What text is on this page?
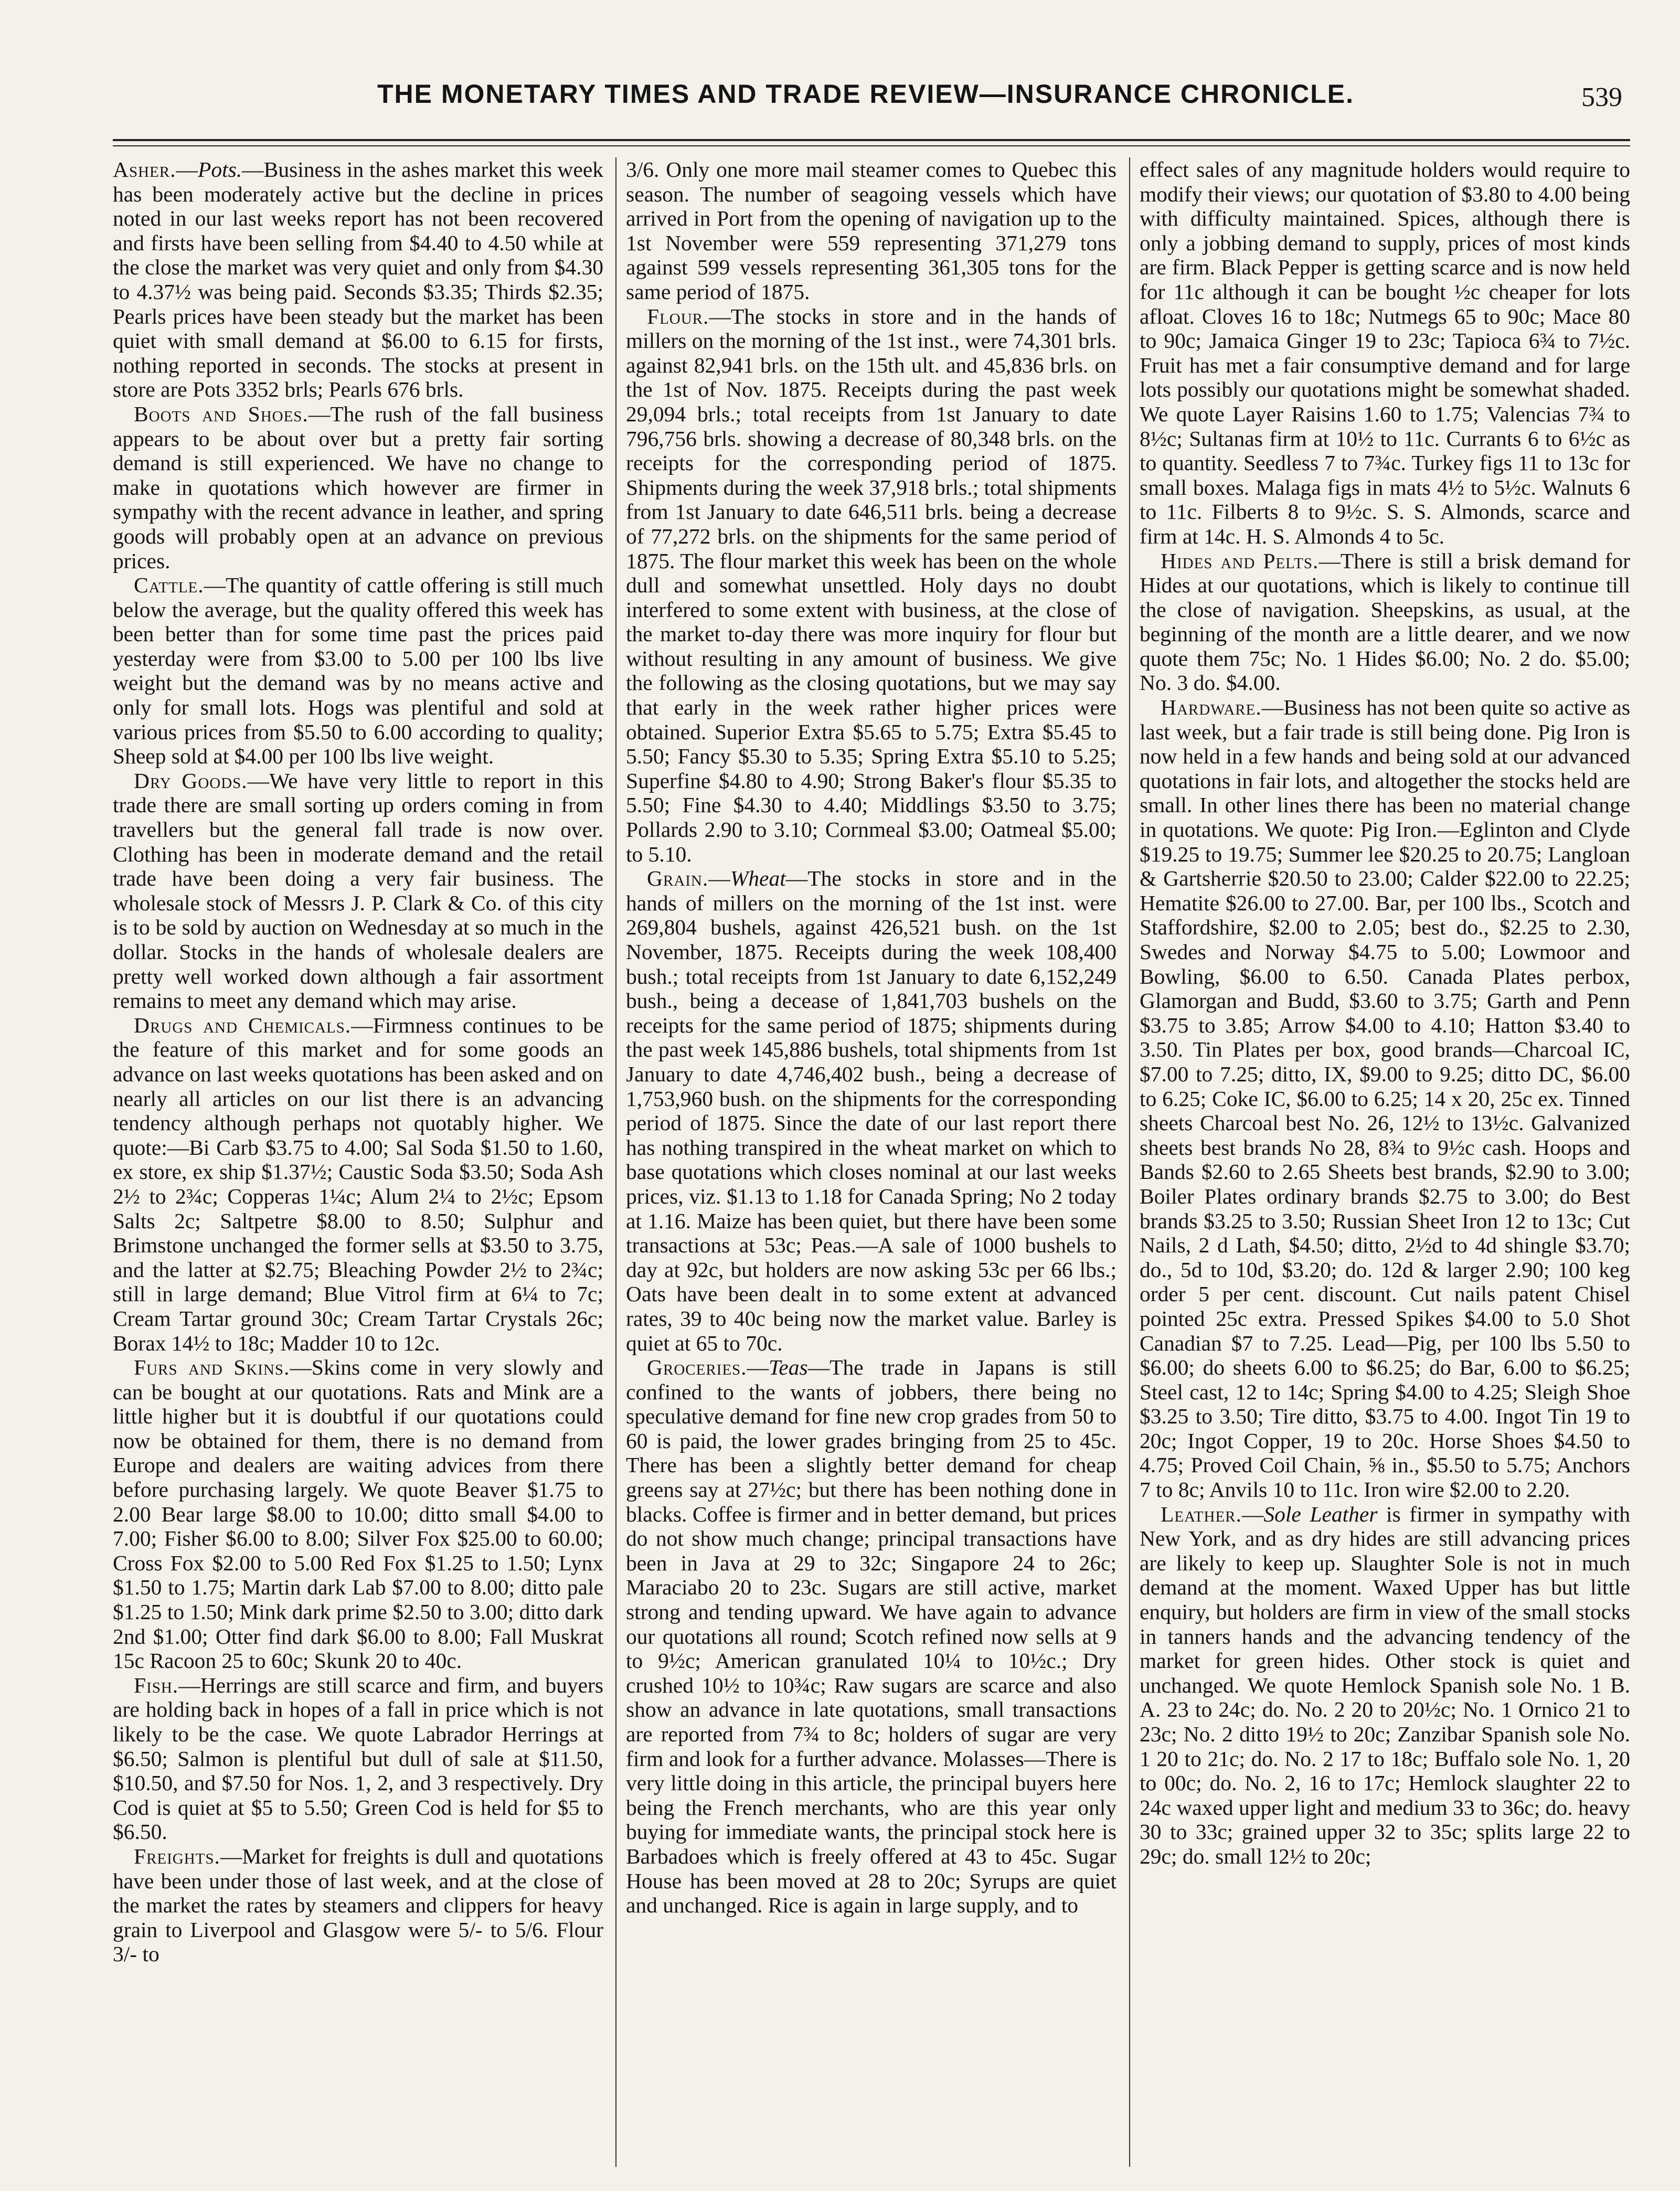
THE MONETARY TIMES AND TRADE REVIEW—INSURANCE CHRONICLE.	539

Asher.—Pots.—Business in the ashes market this week has been moderately active but the decline in prices noted in our last weeks report has not been recovered and firsts have been selling from $4.40 to 4.50 while at the close the market was very quiet and only from $4.30 to 4.37½ was being paid. Seconds $3.35; Thirds $2.35; Pearls prices have been steady but the market has been quiet with small demand at $6.00 to 6.15 for firsts, nothing reported in seconds. The stocks at present in store are Pots 3352 brls; Pearls 676 brls.

Boots and Shoes.—The rush of the fall business appears to be about over but a pretty fair sorting demand is still experienced. We have no change to make in quotations which however are firmer in sympathy with the recent advance in leather, and spring goods will probably open at an advance on previous prices.

Cattle.—The quantity of cattle offering is still much below the average, but the quality offered this week has been better than for some time past the prices paid yesterday were from $3.00 to 5.00 per 100 lbs live weight but the demand was by no means active and only for small lots. Hogs was plentiful and sold at various prices from $5.50 to 6.00 according to quality; Sheep sold at $4.00 per 100 lbs live weight.

Dry Goods.—We have very little to report in this trade there are small sorting up orders coming in from travellers but the general fall trade is now over. Clothing has been in moderate demand and the retail trade have been doing a very fair business. The wholesale stock of Messrs J. P. Clark & Co. of this city is to be sold by auction on Wednesday at so much in the dollar. Stocks in the hands of wholesale dealers are pretty well worked down although a fair assortment remains to meet any demand which may arise.

Drugs and Chemicals.—Firmness continues to be the feature of this market and for some goods an advance on last weeks quotations has been asked and on nearly all articles on our list there is an advancing tendency although perhaps not quotably higher. We quote:—Bi Carb $3.75 to 4.00; Sal Soda $1.50 to 1.60, ex store, ex ship $1.37½; Caustic Soda $3.50; Soda Ash 2½ to 2¾c; Copperas 1¼c; Alum 2¼ to 2½c; Epsom Salts 2c; Saltpetre $8.00 to 8.50; Sulphur and Brimstone unchanged the former sells at $3.50 to 3.75, and the latter at $2.75; Bleaching Powder 2½ to 2¾c; still in large demand; Blue Vitrol firm at 6¼ to 7c; Cream Tartar ground 30c; Cream Tartar Crystals 26c; Borax 14½ to 18c; Madder 10 to 12c.

Furs and Skins.—Skins come in very slowly and can be bought at our quotations. Rats and Mink are a little higher but it is doubtful if our quotations could now be obtained for them, there is no demand from Europe and dealers are waiting advices from there before purchasing largely. We quote Beaver $1.75 to 2.00 Bear large $8.00 to 10.00; ditto small $4.00 to 7.00; Fisher $6.00 to 8.00; Silver Fox $25.00 to 60.00; Cross Fox $2.00 to 5.00 Red Fox $1.25 to 1.50; Lynx $1.50 to 1.75; Martin dark Lab $7.00 to 8.00; ditto pale $1.25 to 1.50; Mink dark prime $2.50 to 3.00; ditto dark 2nd $1.00; Otter find dark $6.00 to 8.00; Fall Muskrat 15c Racoon 25 to 60c; Skunk 20 to 40c.

Fish.—Herrings are still scarce and firm, and buyers are holding back in hopes of a fall in price which is not likely to be the case. We quote Labrador Herrings at $6.50; Salmon is plentiful but dull of sale at $11.50, $10.50, and $7.50 for Nos. 1, 2, and 3 respectively. Dry Cod is quiet at $5 to 5.50; Green Cod is held for $5 to $6.50.

Freights.—Market for freights is dull and quotations have been under those of last week, and at the close of the market the rates by steamers and clippers for heavy grain to Liverpool and Glasgow were 5/- to 5/6. Flour 3/- to

3/6. Only one more mail steamer comes to Quebec this season. The number of seagoing vessels which have arrived in Port from the opening of navigation up to the 1st November were 559 representing 371,279 tons against 599 vessels representing 361,305 tons for the same period of 1875.

Flour.—The stocks in store and in the hands of millers on the morning of the 1st inst., were 74,301 brls. against 82,941 brls. on the 15th ult. and 45,836 brls. on the 1st of Nov. 1875. Receipts during the past week 29,094 brls.; total receipts from 1st January to date 796,756 brls. showing a decrease of 80,348 brls. on the receipts for the corresponding period of 1875. Shipments during the week 37,918 brls.; total shipments from 1st January to date 646,511 brls. being a decrease of 77,272 brls. on the shipments for the same period of 1875. The flour market this week has been on the whole dull and somewhat unsettled. Holy days no doubt interfered to some extent with business, at the close of the market to-day there was more inquiry for flour but without resulting in any amount of business. We give the following as the closing quotations, but we may say that early in the week rather higher prices were obtained. Superior Extra $5.65 to 5.75; Extra $5.45 to 5.50; Fancy $5.30 to 5.35; Spring Extra $5.10 to 5.25; Superfine $4.80 to 4.90; Strong Baker's flour $5.35 to 5.50; Fine $4.30 to 4.40; Middlings $3.50 to 3.75; Pollards 2.90 to 3.10; Cornmeal $3.00; Oatmeal $5.00; to 5.10.

Grain.—Wheat—The stocks in store and in the hands of millers on the morning of the 1st inst. were 269,804 bushels, against 426,521 bush. on the 1st November, 1875. Receipts during the week 108,400 bush.; total receipts from 1st January to date 6,152,249 bush., being a decease of 1,841,703 bushels on the receipts for the same period of 1875; shipments during the past week 145,886 bushels, total shipments from 1st January to date 4,746,402 bush., being a decrease of 1,753,960 bush. on the shipments for the corresponding period of 1875. Since the date of our last report there has nothing transpired in the wheat market on which to base quotations which closes nominal at our last weeks prices, viz. $1.13 to 1.18 for Canada Spring; No 2 today at 1.16. Maize has been quiet, but there have been some transactions at 53c; Peas.—A sale of 1000 bushels to day at 92c, but holders are now asking 53c per 66 lbs.; Oats have been dealt in to some extent at advanced rates, 39 to 40c being now the market value. Barley is quiet at 65 to 70c.

Groceries.—Teas—The trade in Japans is still confined to the wants of jobbers, there being no speculative demand for fine new crop grades from 50 to 60 is paid, the lower grades bringing from 25 to 45c. There has been a slightly better demand for cheap greens say at 27½c; but there has been nothing done in blacks. Coffee is firmer and in better demand, but prices do not show much change; principal transactions have been in Java at 29 to 32c; Singapore 24 to 26c; Maraciabo 20 to 23c. Sugars are still active, market strong and tending upward. We have again to advance our quotations all round; Scotch refined now sells at 9 to 9½c; American granulated 10¼ to 10½c.; Dry crushed 10½ to 10¾c; Raw sugars are scarce and also show an advance in late quotations, small transactions are reported from 7¾ to 8c; holders of sugar are very firm and look for a further advance. Molasses—There is very little doing in this article, the principal buyers here being the French merchants, who are this year only buying for immediate wants, the principal stock here is Barbadoes which is freely offered at 43 to 45c. Sugar House has been moved at 28 to 20c; Syrups are quiet and unchanged. Rice is again in large supply, and to

effect sales of any magnitude holders would require to modify their views; our quotation of $3.80 to 4.00 being with difficulty maintained. Spices, although there is only a jobbing demand to supply, prices of most kinds are firm. Black Pepper is getting scarce and is now held for 11c although it can be bought ½c cheaper for lots afloat. Cloves 16 to 18c; Nutmegs 65 to 90c; Mace 80 to 90c; Jamaica Ginger 19 to 23c; Tapioca 6¾ to 7½c. Fruit has met a fair consumptive demand and for large lots possibly our quotations might be somewhat shaded. We quote Layer Raisins 1.60 to 1.75; Valencias 7¾ to 8½c; Sultanas firm at 10½ to 11c. Currants 6 to 6½c as to quantity. Seedless 7 to 7¾c. Turkey figs 11 to 13c for small boxes. Malaga figs in mats 4½ to 5½c. Walnuts 6 to 11c. Filberts 8 to 9½c. S. S. Almonds, scarce and firm at 14c. H. S. Almonds 4 to 5c.

Hides and Pelts.—There is still a brisk demand for Hides at our quotations, which is likely to continue till the close of navigation. Sheepskins, as usual, at the beginning of the month are a little dearer, and we now quote them 75c; No. 1 Hides $6.00; No. 2 do. $5.00; No. 3 do. $4.00.

Hardware.—Business has not been quite so active as last week, but a fair trade is still being done. Pig Iron is now held in a few hands and being sold at our advanced quotations in fair lots, and altogether the stocks held are small. In other lines there has been no material change in quotations. We quote: Pig Iron.—Eglinton and Clyde $19.25 to 19.75; Summer lee $20.25 to 20.75; Langloan & Gartsherrie $20.50 to 23.00; Calder $22.00 to 22.25; Hematite $26.00 to 27.00. Bar, per 100 lbs., Scotch and Staffordshire, $2.00 to 2.05; best do., $2.25 to 2.30, Swedes and Norway $4.75 to 5.00; Lowmoor and Bowling, $6.00 to 6.50. Canada Plates perbox, Glamorgan and Budd, $3.60 to 3.75; Garth and Penn $3.75 to 3.85; Arrow $4.00 to 4.10; Hatton $3.40 to 3.50. Tin Plates per box, good brands—Charcoal IC, $7.00 to 7.25; ditto, IX, $9.00 to 9.25; ditto DC, $6.00 to 6.25; Coke IC, $6.00 to 6.25; 14 x 20, 25c ex. Tinned sheets Charcoal best No. 26, 12½ to 13½c. Galvanized sheets best brands No 28, 8¾ to 9½c cash. Hoops and Bands $2.60 to 2.65 Sheets best brands, $2.90 to 3.00; Boiler Plates ordinary brands $2.75 to 3.00; do Best brands $3.25 to 3.50; Russian Sheet Iron 12 to 13c; Cut Nails, 2 d Lath, $4.50; ditto, 2½d to 4d shingle $3.70; do., 5d to 10d, $3.20; do. 12d & larger 2.90; 100 keg order 5 per cent. discount. Cut nails patent Chisel pointed 25c extra. Pressed Spikes $4.00 to 5.0 Shot Canadian $7 to 7.25. Lead—Pig, per 100 lbs 5.50 to $6.00; do sheets 6.00 to $6.25; do Bar, 6.00 to $6.25; Steel cast, 12 to 14c; Spring $4.00 to 4.25; Sleigh Shoe $3.25 to 3.50; Tire ditto, $3.75 to 4.00. Ingot Tin 19 to 20c; Ingot Copper, 19 to 20c. Horse Shoes $4.50 to 4.75; Proved Coil Chain, ⅝ in., $5.50 to 5.75; Anchors 7 to 8c; Anvils 10 to 11c. Iron wire $2.00 to 2.20.

Leather.—Sole Leather is firmer in sympathy with New York, and as dry hides are still advancing prices are likely to keep up. Slaughter Sole is not in much demand at the moment. Waxed Upper has but little enquiry, but holders are firm in view of the small stocks in tanners hands and the advancing tendency of the market for green hides. Other stock is quiet and unchanged. We quote Hemlock Spanish sole No. 1 B. A. 23 to 24c; do. No. 2 20 to 20½c; No. 1 Ornico 21 to 23c; No. 2 ditto 19½ to 20c; Zanzibar Spanish sole No. 1 20 to 21c; do. No. 2 17 to 18c; Buffalo sole No. 1, 20 to 00c; do. No. 2, 16 to 17c; Hemlock slaughter 22 to 24c waxed upper light and medium 33 to 36c; do. heavy 30 to 33c; grained upper 32 to 35c; splits large 22 to 29c; do. small 12½ to 20c;
